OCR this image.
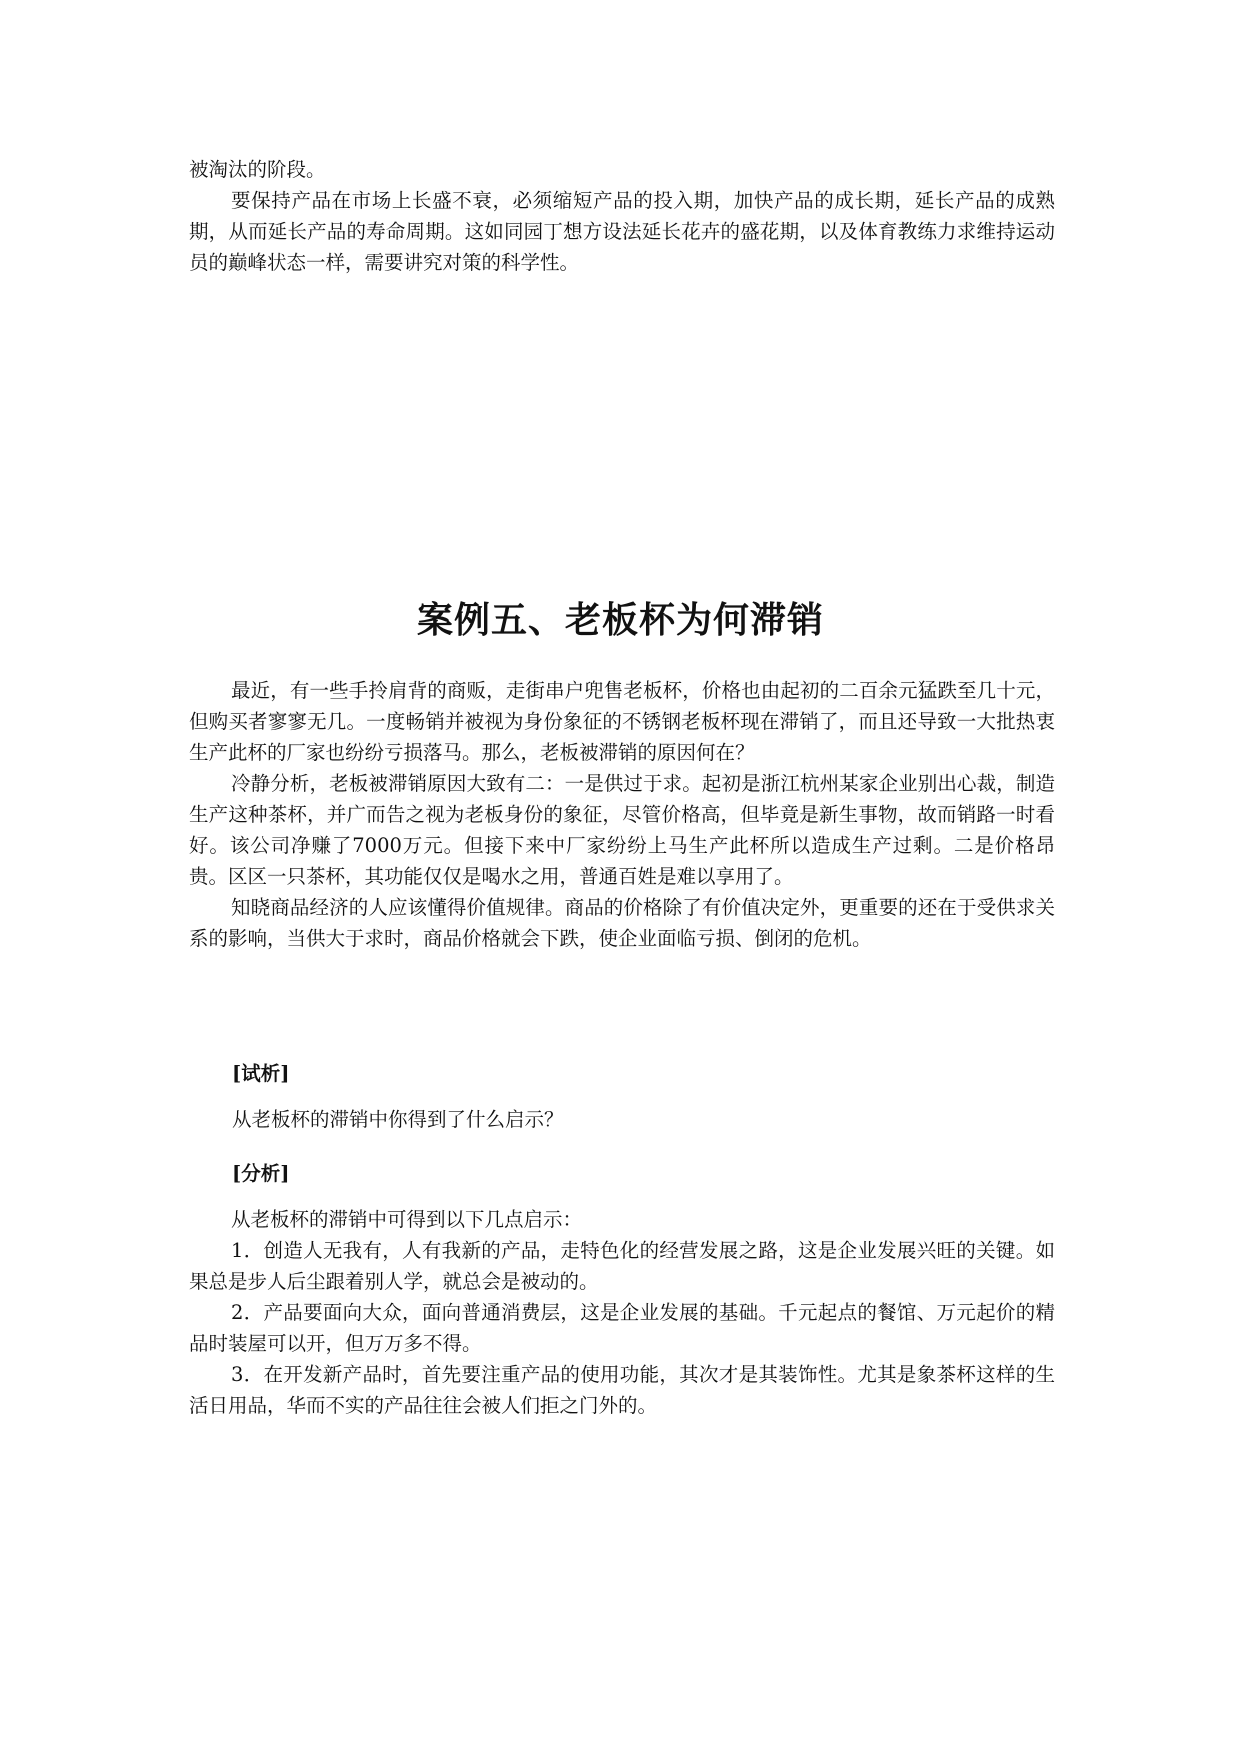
被淘汰的阶段。

要保持产品在市场上长盛不衰，必须缩短产品的投入期，加快产品的成长期，延长产品的成熟期，从而延长产品的寿命周期。这如同园丁想方设法延长花卉的盛花期，以及体育教练力求维持运动员的巅峰状态一样，需要讲究对策的科学性。

案例五、老板杯为何滞销

最近，有一些手拎肩背的商贩，走街串户兜售老板杯，价格也由起初的二百余元猛跌至几十元，但购买者寥寥无几。一度畅销并被视为身份象征的不锈钢老板杯现在滞销了，而且还导致一大批热衷生产此杯的厂家也纷纷亏损落马。那么，老板被滞销的原因何在？

冷静分析，老板被滞销原因大致有二：一是供过于求。起初是浙江杭州某家企业别出心裁，制造生产这种茶杯，并广而告之视为老板身份的象征，尽管价格高，但毕竟是新生事物，故而销路一时看好。该公司净赚了7000万元。但接下来中厂家纷纷上马生产此杯所以造成生产过剩。二是价格昂贵。区区一只茶杯，其功能仅仅是喝水之用，普通百姓是难以享用了。

知晓商品经济的人应该懂得价值规律。商品的价格除了有价值决定外，更重要的还在于受供求关系的影响，当供大于求时，商品价格就会下跌，使企业面临亏损、倒闭的危机。

[试析]

从老板杯的滞销中你得到了什么启示？

[分析]

从老板杯的滞销中可得到以下几点启示：

1．创造人无我有，人有我新的产品，走特色化的经营发展之路，这是企业发展兴旺的关键。如果总是步人后尘跟着别人学，就总会是被动的。

2．产品要面向大众，面向普通消费层，这是企业发展的基础。千元起点的餐馆、万元起价的精品时装屋可以开，但万万多不得。

3．在开发新产品时，首先要注重产品的使用功能，其次才是其装饰性。尤其是象茶杯这样的生活日用品，华而不实的产品往往会被人们拒之门外的。
